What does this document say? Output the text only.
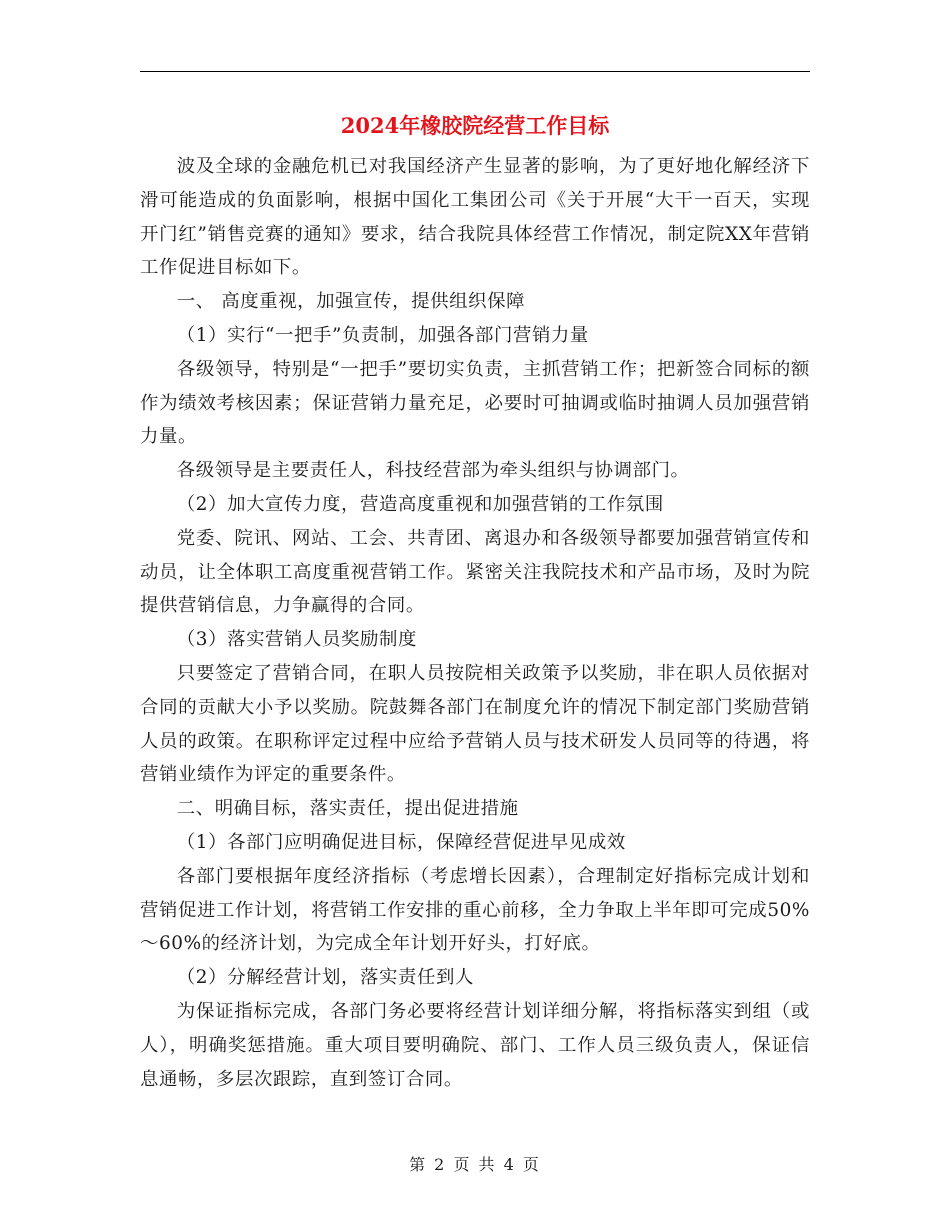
2024年橡胶院经营工作目标

波及全球的金融危机已对我国经济产生显著的影响，为了更好地化解经济下滑可能造成的负面影响，根据中国化工集团公司《关于开展“大干一百天，实现开门红”销售竞赛的通知》要求，结合我院具体经营工作情况，制定院XX年营销工作促进目标如下。

一、 高度重视，加强宣传，提供组织保障

（1）实行“一把手”负责制，加强各部门营销力量

各级领导，特别是“一把手”要切实负责，主抓营销工作；把新签合同标的额作为绩效考核因素；保证营销力量充足，必要时可抽调或临时抽调人员加强营销力量。

各级领导是主要责任人，科技经营部为牵头组织与协调部门。

（2）加大宣传力度，营造高度重视和加强营销的工作氛围

党委、院讯、网站、工会、共青团、离退办和各级领导都要加强营销宣传和动员，让全体职工高度重视营销工作。紧密关注我院技术和产品市场，及时为院提供营销信息，力争赢得的合同。

（3）落实营销人员奖励制度

只要签定了营销合同，在职人员按院相关政策予以奖励，非在职人员依据对合同的贡献大小予以奖励。院鼓舞各部门在制度允许的情况下制定部门奖励营销人员的政策。在职称评定过程中应给予营销人员与技术研发人员同等的待遇，将营销业绩作为评定的重要条件。

二、明确目标，落实责任，提出促进措施

（1）各部门应明确促进目标，保障经营促进早见成效

各部门要根据年度经济指标（考虑增长因素），合理制定好指标完成计划和营销促进工作计划，将营销工作安排的重心前移，全力争取上半年即可完成50%～60%的经济计划，为完成全年计划开好头，打好底。

（2）分解经营计划，落实责任到人

为保证指标完成，各部门务必要将经营计划详细分解，将指标落实到组（或人），明确奖惩措施。重大项目要明确院、部门、工作人员三级负责人，保证信息通畅，多层次跟踪，直到签订合同。

第 2 页 共 4 页
